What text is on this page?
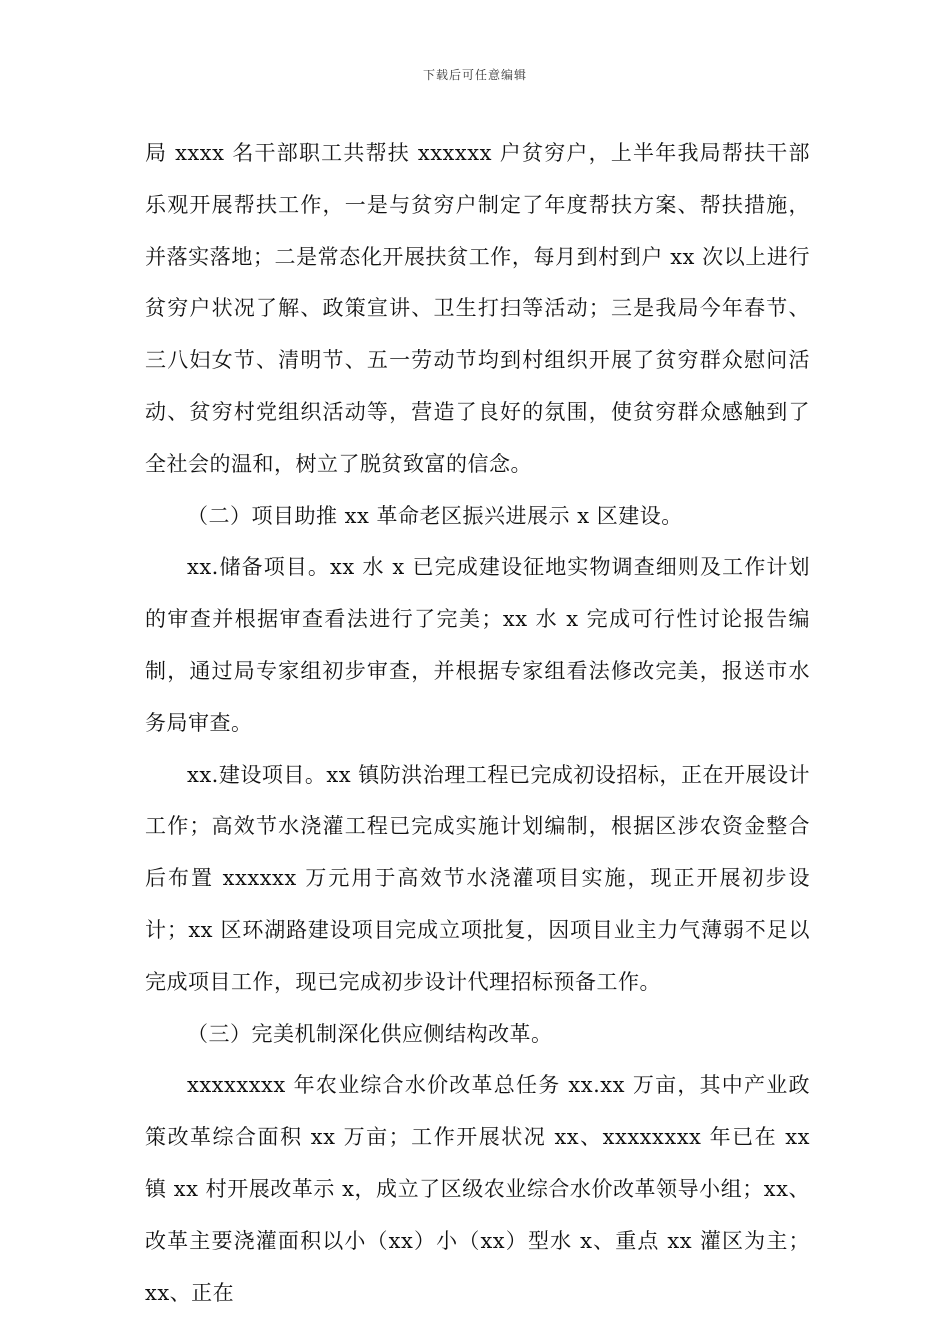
下载后可任意编辑

局 xxxx 名干部职工共帮扶 xxxxxx 户贫穷户，上半年我局帮扶干部乐观开展帮扶工作，一是与贫穷户制定了年度帮扶方案、帮扶措施，并落实落地；二是常态化开展扶贫工作，每月到村到户 xx 次以上进行贫穷户状况了解、政策宣讲、卫生打扫等活动；三是我局今年春节、三八妇女节、清明节、五一劳动节均到村组织开展了贫穷群众慰问活动、贫穷村党组织活动等，营造了良好的氛围，使贫穷群众感触到了全社会的温和，树立了脱贫致富的信念。

（二）项目助推 xx 革命老区振兴进展示 x 区建设。

xx.储备项目。xx 水 x 已完成建设征地实物调查细则及工作计划的审查并根据审查看法进行了完美；xx 水 x 完成可行性讨论报告编制，通过局专家组初步审查，并根据专家组看法修改完美，报送市水务局审查。

xx.建设项目。xx 镇防洪治理工程已完成初设招标，正在开展设计工作；高效节水浇灌工程已完成实施计划编制，根据区涉农资金整合后布置 xxxxxx 万元用于高效节水浇灌项目实施，现正开展初步设计；xx 区环湖路建设项目完成立项批复，因项目业主力气薄弱不足以完成项目工作，现已完成初步设计代理招标预备工作。

（三）完美机制深化供应侧结构改革。

xxxxxxxx 年农业综合水价改革总任务 xx.xx 万亩，其中产业政策改革综合面积 xx 万亩；工作开展状况 xx、xxxxxxxx 年已在 xx 镇 xx 村开展改革示 x，成立了区级农业综合水价改革领导小组；xx、改革主要浇灌面积以小（xx）小（xx）型水 x、重点 xx 灌区为主；xx、正在
